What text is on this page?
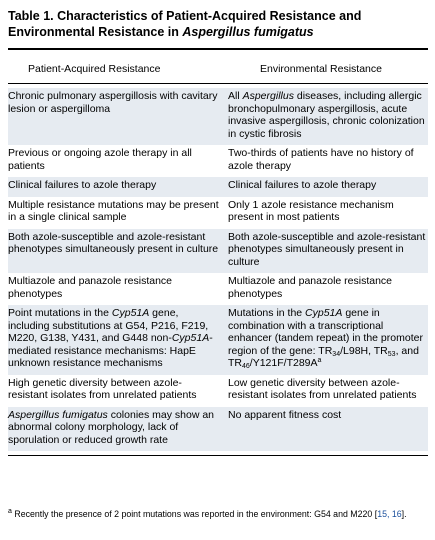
Table 1. Characteristics of Patient-Acquired Resistance and Environmental Resistance in Aspergillus fumigatus
Patient-Acquired Resistance	Environmental Resistance
Chronic pulmonary aspergillosis with cavitary lesion or aspergilloma
All Aspergillus diseases, including allergic bronchopulmonary aspergillosis, acute invasive aspergillosis, chronic colonization in cystic fibrosis
Previous or ongoing azole therapy in all patients
Two-thirds of patients have no history of azole therapy
Clinical failures to azole therapy	Clinical failures to azole therapy
Multiple resistance mutations may be present in a single clinical sample
Only 1 azole resistance mechanism present in most patients
Both azole-susceptible and azole-resistant phenotypes simultaneously present in culture
Both azole-susceptible and azole-resistant phenotypes simultaneously present in culture
Multiazole and panazole resistance phenotypes
Multiazole and panazole resistance phenotypes
Point mutations in the Cyp51A gene, including substitutions at G54, P216, F219, M220, G138, Y431, and G448 non-Cyp51A-mediated resistance mechanisms: HapE unknown resistance mechanisms
Mutations in the Cyp51A gene in combination with a transcriptional enhancer (tandem repeat) in the promoter region of the gene: $TR_{34}/L98H$, $TR_{53}$, and $TR_{46}/Y121F/T289A^a$
High genetic diversity between azole-resistant isolates from unrelated patients
Low genetic diversity between azole-resistant isolates from unrelated patients
Aspergillus fumigatus colonies may show an abnormal colony morphology, lack of sporulation or reduced growth rate
No apparent fitness cost
$^a$ Recently the presence of 2 point mutations was reported in the environment: G54 and M220 [15, 16].
